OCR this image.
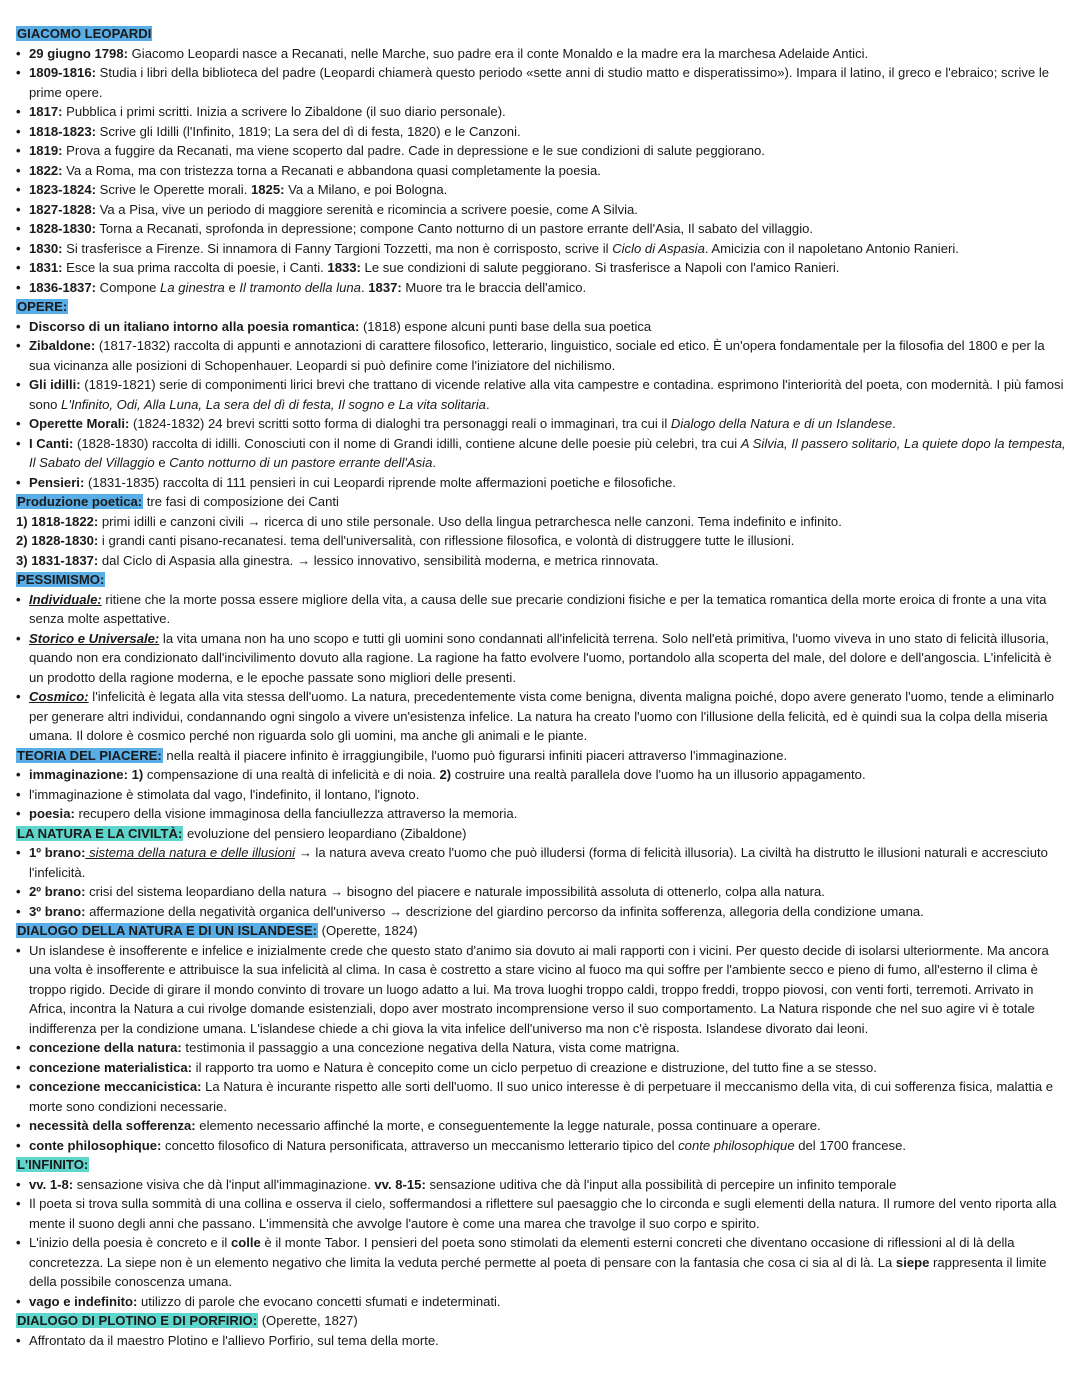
GIACOMO LEOPARDI
• 29 giugno 1798: Giacomo Leopardi nasce a Recanati, nelle Marche, suo padre era il conte Monaldo e la madre era la marchesa Adelaide Antici.
• 1809-1816: Studia i libri della biblioteca del padre (Leopardi chiamerà questo periodo «sette anni di studio matto e disperatissimo»). Impara il latino, il greco e l'ebraico; scrive le prime opere.
• 1817: Pubblica i primi scritti. Inizia a scrivere lo Zibaldone (il suo diario personale).
• 1818-1823: Scrive gli Idilli (l'Infinito, 1819; La sera del dì di festa, 1820) e le Canzoni.
• 1819: Prova a fuggire da Recanati, ma viene scoperto dal padre. Cade in depressione e le sue condizioni di salute peggiorano.
• 1822: Va a Roma, ma con tristezza torna a Recanati e abbandona quasi completamente la poesia.
• 1823-1824: Scrive le Operette morali. 1825: Va a Milano, e poi Bologna.
• 1827-1828: Va a Pisa, vive un periodo di maggiore serenità e ricomincia a scrivere poesie, come A Silvia.
• 1828-1830: Torna a Recanati, sprofonda in depressione; compone Canto notturno di un pastore errante dell'Asia, Il sabato del villaggio.
• 1830: Si trasferisce a Firenze. Si innamora di Fanny Targioni Tozzetti, ma non è corrisposto, scrive il Ciclo di Aspasia. Amicizia con il napoletano Antonio Ranieri.
• 1831: Esce la sua prima raccolta di poesie, i Canti. 1833: Le sue condizioni di salute peggiorano. Si trasferisce a Napoli con l'amico Ranieri.
• 1836-1837: Compone La ginestra e Il tramonto della luna. 1837: Muore tra le braccia dell'amico.
OPERE:
• Discorso di un italiano intorno alla poesia romantica: (1818) espone alcuni punti base della sua poetica
• Zibaldone: (1817-1832) raccolta di appunti e annotazioni di carattere filosofico, letterario, linguistico, sociale ed etico. È un'opera fondamentale per la filosofia del 1800 e per la sua vicinanza alle posizioni di Schopenhauer. Leopardi si può definire come l'iniziatore del nichilismo.
• Gli idilli: (1819-1821) serie di componimenti lirici brevi che trattano di vicende relative alla vita campestre e contadina. esprimono l'interiorità del poeta, con modernità. I più famosi sono L'Infinito, Odi, Alla Luna, La sera del dì di festa, Il sogno e La vita solitaria.
• Operette Morali: (1824-1832) 24 brevi scritti sotto forma di dialoghi tra personaggi reali o immaginari, tra cui il Dialogo della Natura e di un Islandese.
• I Canti: (1828-1830) raccolta di idilli. Conosciuti con il nome di Grandi idilli, contiene alcune delle poesie più celebri, tra cui A Silvia, Il passero solitario, La quiete dopo la tempesta, Il Sabato del Villaggio e Canto notturno di un pastore errante dell'Asia.
• Pensieri: (1831-1835) raccolta di 111 pensieri in cui Leopardi riprende molte affermazioni poetiche e filosofiche.
Produzione poetica: tre fasi di composizione dei Canti
1) 1818-1822: primi idilli e canzoni civili → ricerca di uno stile personale. Uso della lingua petrarchesca nelle canzoni. Tema indefinito e infinito.
2) 1828-1830: i grandi canti pisano-recanatesi. tema dell'universalità, con riflessione filosofica, e volontà di distruggere tutte le illusioni.
3) 1831-1837: dal Ciclo di Aspasia alla ginestra. → lessico innovativo, sensibilità moderna, e metrica rinnovata.
PESSIMISMO:
• Individuale: ritiene che la morte possa essere migliore della vita, a causa delle sue precarie condizioni fisiche e per la tematica romantica della morte eroica di fronte a una vita senza molte aspettative.
• Storico e Universale: la vita umana non ha uno scopo e tutti gli uomini sono condannati all'infelicità terrena. Solo nell'età primitiva, l'uomo viveva in uno stato di felicità illusoria, quando non era condizionato dall'incivilimento dovuto alla ragione. La ragione ha fatto evolvere l'uomo, portandolo alla scoperta del male, del dolore e dell'angoscia. L'infelicità è un prodotto della ragione moderna, e le epoche passate sono migliori delle presenti.
• Cosmico: l'infelicità è legata alla vita stessa dell'uomo. La natura, precedentemente vista come benigna, diventa maligna poiché, dopo avere generato l'uomo, tende a eliminarlo per generare altri individui, condannando ogni singolo a vivere un'esistenza infelice. La natura ha creato l'uomo con l'illusione della felicità, ed è quindi sua la colpa della miseria umana. Il dolore è cosmico perché non riguarda solo gli uomini, ma anche gli animali e le piante.
TEORIA DEL PIACERE: nella realtà il piacere infinito è irraggiungibile, l'uomo può figurarsi infiniti piaceri attraverso l'immaginazione.
• immaginazione: 1) compensazione di una realtà di infelicità e di noia. 2) costruire una realtà parallela dove l'uomo ha un illusorio appagamento.
• l'immaginazione è stimolata dal vago, l'indefinito, il lontano, l'ignoto.
• poesia: recupero della visione immaginosa della fanciullezza attraverso la memoria.
LA NATURA E LA CIVILTÀ: evoluzione del pensiero leopardiano (Zibaldone)
• 1º brano: sistema della natura e delle illusioni → la natura aveva creato l'uomo che può illudersi (forma di felicità illusoria). La civiltà ha distrutto le illusioni naturali e accresciuto l'infelicità.
• 2º brano: crisi del sistema leopardiano della natura → bisogno del piacere e naturale impossibilità assoluta di ottenerlo, colpa alla natura.
• 3º brano: affermazione della negatività organica dell'universo → descrizione del giardino percorso da infinita sofferenza, allegoria della condizione umana.
DIALOGO DELLA NATURA E DI UN ISLANDESE: (Operette, 1824)
• Un islandese è insofferente e infelice e inizialmente crede che questo stato d'animo sia dovuto ai mali rapporti con i vicini. Per questo decide di isolarsi ulteriormente. Ma ancora una volta è insofferente e attribuisce la sua infelicità al clima. In casa è costretto a stare vicino al fuoco ma qui soffre per l'ambiente secco e pieno di fumo, all'esterno il clima è troppo rigido. Decide di girare il mondo convinto di trovare un luogo adatto a lui. Ma trova luoghi troppo caldi, troppo freddi, troppo piovosi, con venti forti, terremoti. Arrivato in Africa, incontra la Natura a cui rivolge domande esistenziali, dopo aver mostrato incomprensione verso il suo comportamento. La Natura risponde che nel suo agire vi è totale indifferenza per la condizione umana. L'islandese chiede a chi giova la vita infelice dell'universo ma non c'è risposta. Islandese divorato dai leoni.
• concezione della natura: testimonia il passaggio a una concezione negativa della Natura, vista come matrigna.
• concezione materialistica: il rapporto tra uomo e Natura è concepito come un ciclo perpetuo di creazione e distruzione, del tutto fine a se stesso.
• concezione meccanicistica: La Natura è incurante rispetto alle sorti dell'uomo. Il suo unico interesse è di perpetuare il meccanismo della vita, di cui sofferenza fisica, malattia e morte sono condizioni necessarie.
• necessità della sofferenza: elemento necessario affinché la morte, e conseguentemente la legge naturale, possa continuare a operare.
• conte philosophique: concetto filosofico di Natura personificata, attraverso un meccanismo letterario tipico del conte philosophique del 1700 francese.
L'INFINITO:
• vv. 1-8: sensazione visiva che dà l'input all'immaginazione. vv. 8-15: sensazione uditiva che dà l'input alla possibilità di percepire un infinito temporale
• Il poeta si trova sulla sommità di una collina e osserva il cielo, soffermandosi a riflettere sul paesaggio che lo circonda e sugli elementi della natura. Il rumore del vento riporta alla mente il suono degli anni che passano. L'immensità che avvolge l'autore è come una marea che travolge il suo corpo e spirito.
• L'inizio della poesia è concreto e il colle è il monte Tabor. I pensieri del poeta sono stimolati da elementi esterni concreti che diventano occasione di riflessioni al di là della concretezza. La siepe non è un elemento negativo che limita la veduta perché permette al poeta di pensare con la fantasia che cosa ci sia al di là. La siepe rappresenta il limite della possibile conoscenza umana.
• vago e indefinito: utilizzo di parole che evocano concetti sfumati e indeterminati.
DIALOGO DI PLOTINO E DI PORFIRIO: (Operette, 1827)
• Affrontato da il maestro Plotino e l'allievo Porfirio, sul tema della morte.
